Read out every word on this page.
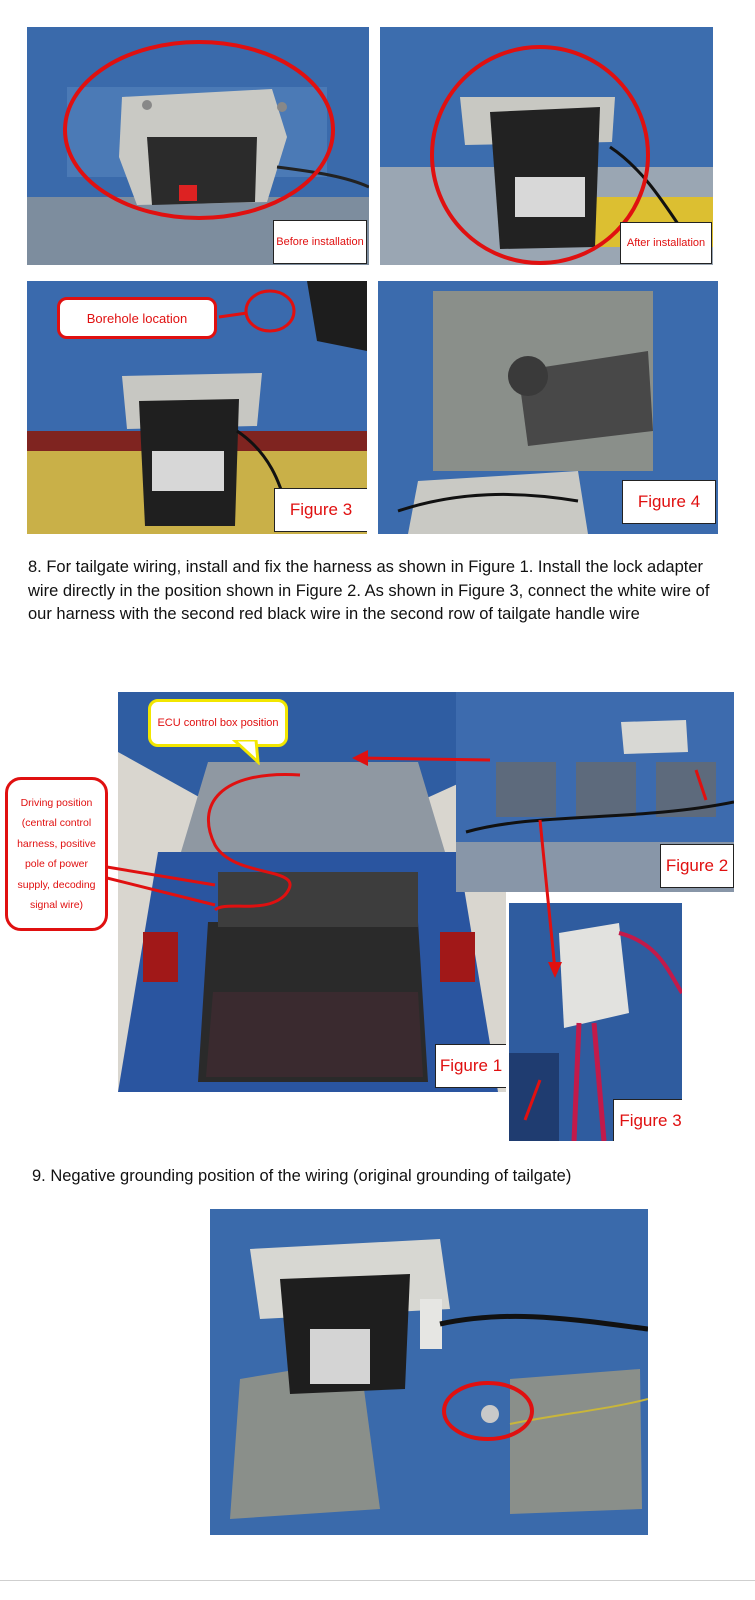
Before installation	After installation
Borehole location
Figure 3	Figure 4
8. For tailgate wiring, install and fix the harness as shown in Figure 1. Install the lock adapter wire directly in the position shown in Figure 2. As shown in Figure 3, connect the white wire of our harness with the second red black wire in the second row of tailgate handle wire
Figure 1
Figure 2
Figure 3
ECU control box position
Driving position
(central control
harness, positive
pole of power
supply, decoding
signal wire)
9. Negative grounding position of the wiring (original grounding of tailgate)
